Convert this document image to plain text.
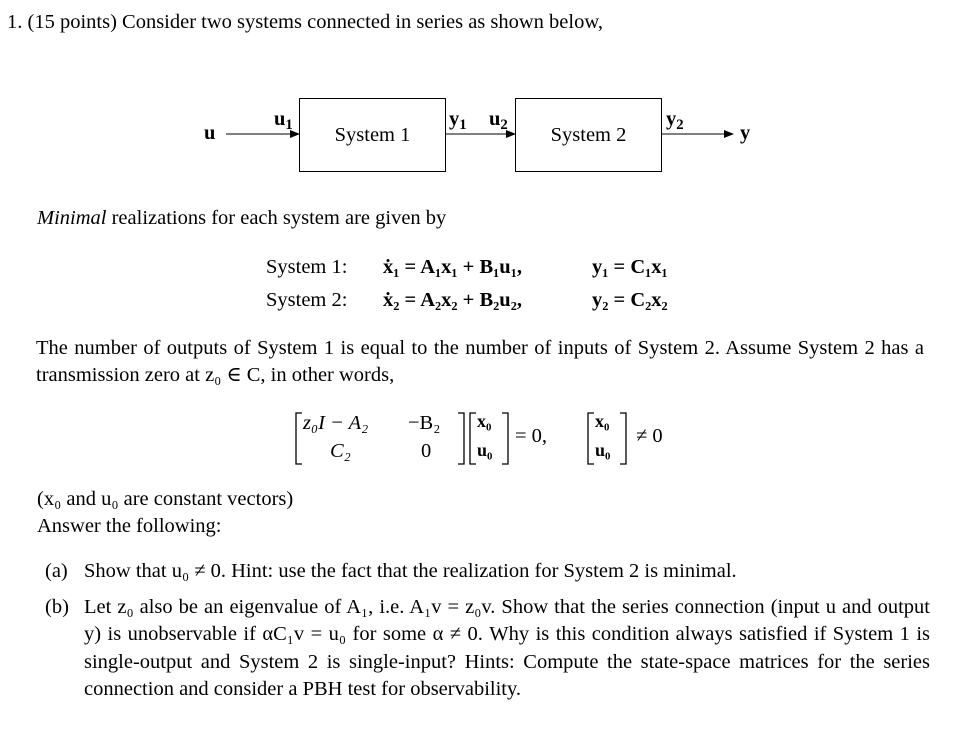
1. (15 points) Consider two systems connected in series as shown below,
System 1	System 2
u
$u_1$	$y_1$ $u_2$	$y_2$	y
Minimal realizations for each system are given by
System 1: ẋ₁ = A₁x₁ + B₁u₁,	y₁ = C₁x₁
System 2: ẋ₂ = A₂x₂ + B₂u₂,	y₂ = C₂x₂
The number of outputs of System 1 is equal to the number of inputs of System 2. Assume System 2 has a transmission zero at z₀ ∈ C, in other words,
z₀I − A₂ −B₂
C₂	0
x₀
u₀
= 0,
x₀
u₀
≠ 0
(x₀ and u₀ are constant vectors)
Answer the following:
(a) Show that u₀ ≠ 0. Hint: use the fact that the realization for System 2 is minimal.
(b) Let z₀ also be an eigenvalue of A₁, i.e. A₁v = z₀v. Show that the series connection (input u and output y) is unobservable if αC₁v = u₀ for some α ≠ 0. Why is this condition always satisfied if System 1 is single-output and System 2 is single-input? Hints: Compute the state-space matrices for the series connection and consider a PBH test for observability.
